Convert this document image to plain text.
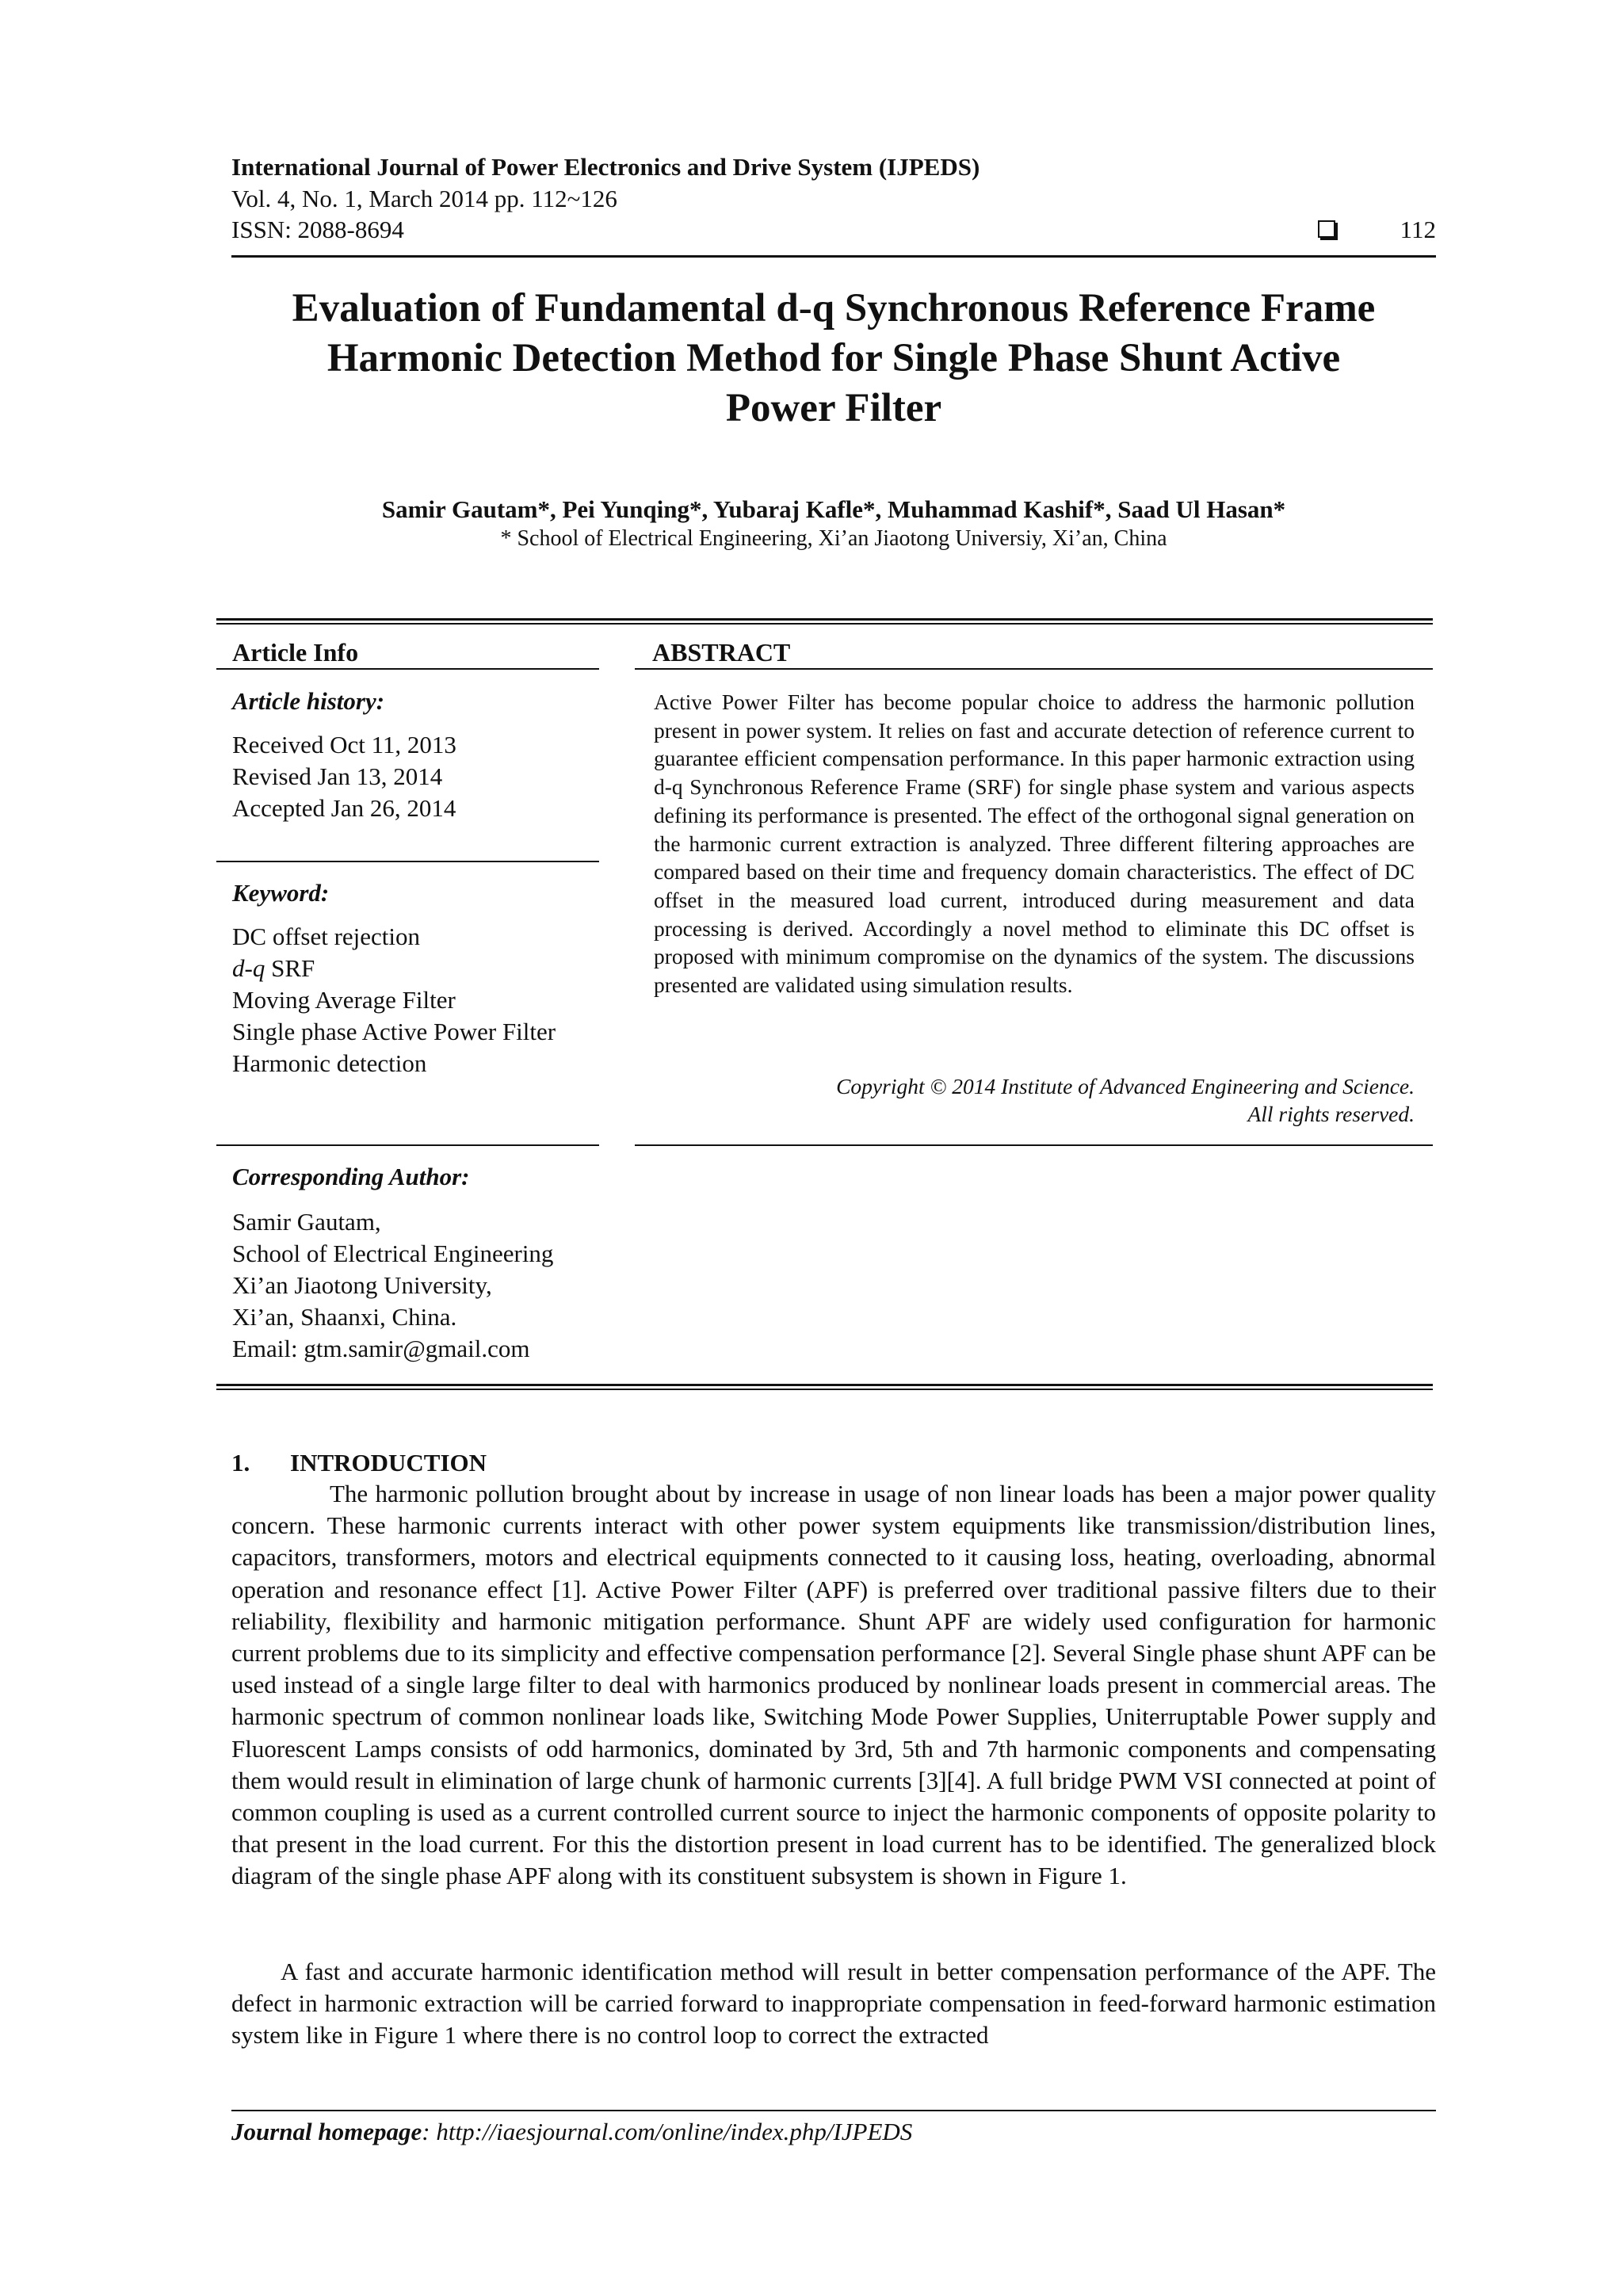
International Journal of Power Electronics and Drive System (IJPEDS)
Vol. 4, No. 1, March 2014 pp. 112~126
ISSN: 2088-8694	112
Evaluation of Fundamental d-q Synchronous Reference Frame
Harmonic Detection Method for Single Phase Shunt Active
Power Filter
Samir Gautam*, Pei Yunqing*, Yubaraj Kafle*, Muhammad Kashif*, Saad Ul Hasan*
* School of Electrical Engineering, Xi’an Jiaotong Universiy, Xi’an, China
Article Info
Article history:
Received Oct 11, 2013
Revised Jan 13, 2014
Accepted Jan 26, 2014
Keyword:
DC offset rejection
d-q SRF
Moving Average Filter
Single phase Active Power Filter
Harmonic detection
Corresponding Author:
Samir Gautam,
School of Electrical Engineering
Xi’an Jiaotong University,
Xi’an, Shaanxi, China.
Email: gtm.samir@gmail.com
ABSTRACT
Active Power Filter has become popular choice to address the harmonic pollution present in power system. It relies on fast and accurate detection of reference current to guarantee efficient compensation performance. In this paper harmonic extraction using d-q Synchronous Reference Frame (SRF) for single phase system and various aspects defining its performance is presented. The effect of the orthogonal signal generation on the harmonic current extraction is analyzed. Three different filtering approaches are compared based on their time and frequency domain characteristics. The effect of DC offset in the measured load current, introduced during measurement and data processing is derived. Accordingly a novel method to eliminate this DC offset is proposed with minimum compromise on the dynamics of the system. The discussions presented are validated using simulation results.
Copyright © 2014 Institute of Advanced Engineering and Science.
All rights reserved.
1. INTRODUCTION
The harmonic pollution brought about by increase in usage of non linear loads has been a major power quality concern. These harmonic currents interact with other power system equipments like transmission/distribution lines, capacitors, transformers, motors and electrical equipments connected to it causing loss, heating, overloading, abnormal operation and resonance effect [1]. Active Power Filter (APF) is preferred over traditional passive filters due to their reliability, flexibility and harmonic mitigation performance. Shunt APF are widely used configuration for harmonic current problems due to its simplicity and effective compensation performance [2]. Several Single phase shunt APF can be used instead of a single large filter to deal with harmonics produced by nonlinear loads present in commercial areas. The harmonic spectrum of common nonlinear loads like, Switching Mode Power Supplies, Uniterruptable Power supply and Fluorescent Lamps consists of odd harmonics, dominated by 3rd, 5th and 7th harmonic components and compensating them would result in elimination of large chunk of harmonic currents [3][4]. A full bridge PWM VSI connected at point of common coupling is used as a current controlled current source to inject the harmonic components of opposite polarity to that present in the load current. For this the distortion present in load current has to be identified. The generalized block diagram of the single phase APF along with its constituent subsystem is shown in Figure 1.
A fast and accurate harmonic identification method will result in better compensation performance of the APF. The defect in harmonic extraction will be carried forward to inappropriate compensation in feed-forward harmonic estimation system like in Figure 1 where there is no control loop to correct the extracted
Journal homepage: http://iaesjournal.com/online/index.php/IJPEDS
